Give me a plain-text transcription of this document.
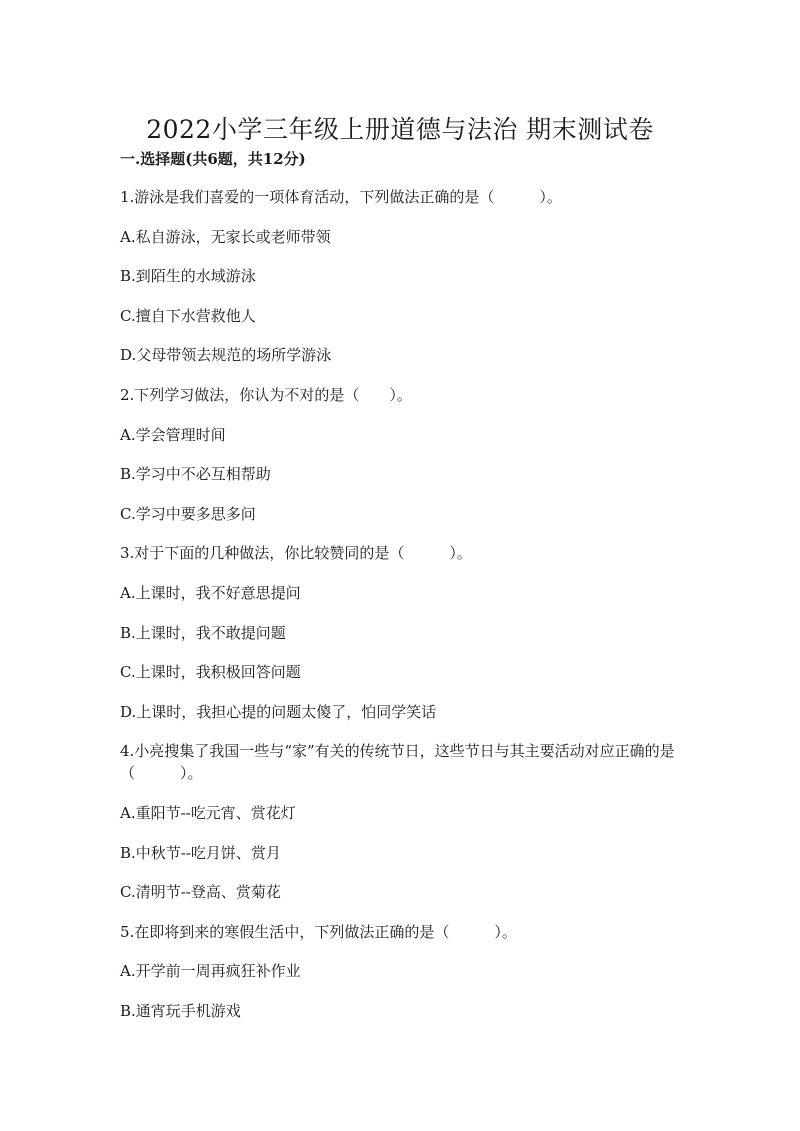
2022小学三年级上册道德与法治 期末测试卷
一.选择题(共6题，共12分)

1.游泳是我们喜爱的一项体育活动，下列做法正确的是（　　　）。

A.私自游泳，无家长或老师带领

B.到陌生的水域游泳

C.擅自下水营救他人

D.父母带领去规范的场所学游泳

2.下列学习做法，你认为不对的是（　　）。

A.学会管理时间

B.学习中不必互相帮助

C.学习中要多思多问

3.对于下面的几种做法，你比较赞同的是（　　　）。

A.上课时，我不好意思提问

B.上课时，我不敢提问题

C.上课时，我积极回答问题

D.上课时，我担心提的问题太傻了，怕同学笑话

4.小亮搜集了我国一些与“家”有关的传统节日，这些节日与其主要活动对应正确的是（　　　）。

A.重阳节--吃元宵、赏花灯

B.中秋节--吃月饼、赏月

C.清明节--登高、赏菊花

5.在即将到来的寒假生活中，下列做法正确的是（　　　）。

A.开学前一周再疯狂补作业

B.通宵玩手机游戏
